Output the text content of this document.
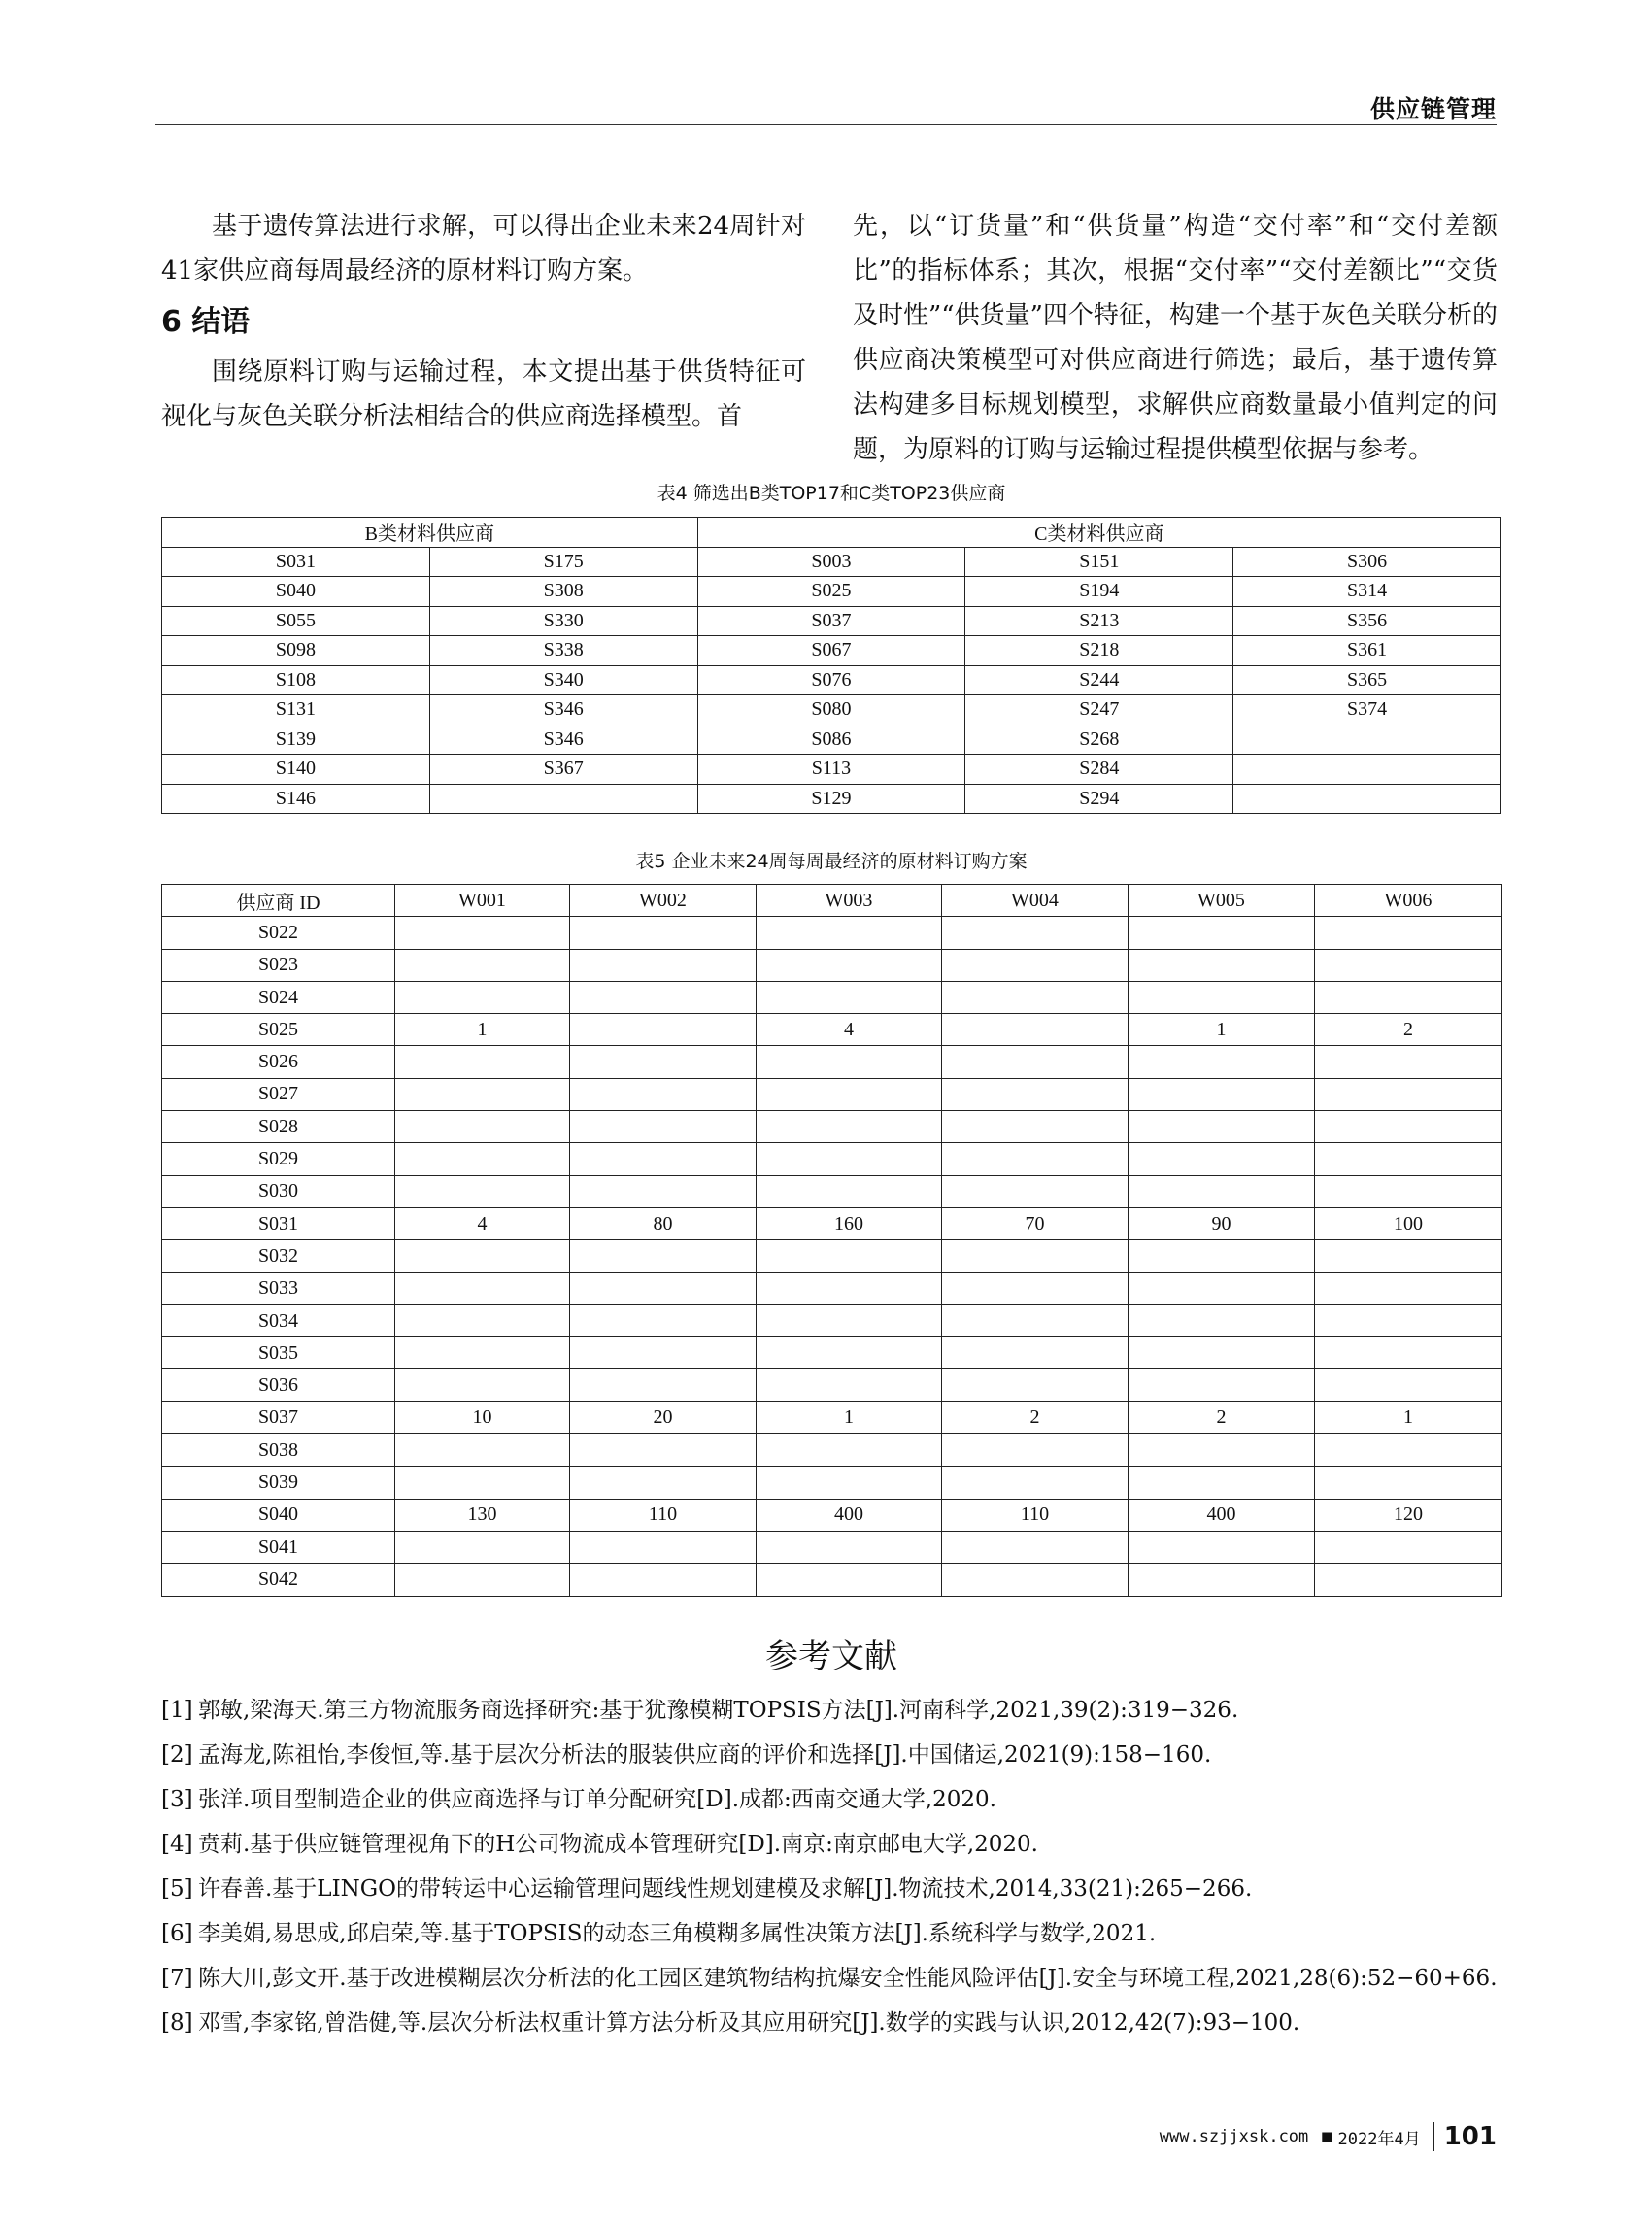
供应链管理

基于遗传算法进行求解，可以得出企业未来24周针对41家供应商每周最经济的原材料订购方案。

6 结语

围绕原料订购与运输过程，本文提出基于供货特征可视化与灰色关联分析法相结合的供应商选择模型。首

先，以“订货量”和“供货量”构造“交付率”和“交付差额比”的指标体系；其次，根据“交付率”“交付差额比”“交货及时性”“供货量”四个特征，构建一个基于灰色关联分析的供应商决策模型可对供应商进行筛选；最后，基于遗传算法构建多目标规划模型，求解供应商数量最小值判定的问题，为原料的订购与运输过程提供模型依据与参考。

表4 筛选出B类TOP17和C类TOP23供应商
B类材料供应商		C类材料供应商		
S031	S175	S003	S151	S306
S040	S308	S025	S194	S314
S055	S330	S037	S213	S356
S098	S338	S067	S218	S361
S108	S340	S076	S244	S365
S131	S346	S080	S247	S374
S139	S346	S086	S268	
S140	S367	S113	S284	
S146		S129	S294	
表5 企业未来24周每周最经济的原材料订购方案
供应商 ID	W001	W002	W003	W004	W005	W006
S022						
S023						
S024						
S025	1		4		1	2
S026						
S027						
S028						
S029						
S030						
S031	4	80	160	70	90	100
S032						
S033						
S034						
S035						
S036						
S037	10	20	1	2	2	1
S038						
S039						
S040	130	110	400	110	400	120
S041						
S042						
参考文献
[1] 郭敏,梁海天.第三方物流服务商选择研究:基于犹豫模糊TOPSIS方法[J].河南科学,2021,39(2):319−326.
[2] 孟海龙,陈祖怡,李俊恒,等.基于层次分析法的服装供应商的评价和选择[J].中国储运,2021(9):158−160.
[3] 张洋.项目型制造企业的供应商选择与订单分配研究[D].成都:西南交通大学,2020.
[4] 贲莉.基于供应链管理视角下的H公司物流成本管理研究[D].南京:南京邮电大学,2020.
[5] 许春善.基于LINGO的带转运中心运输管理问题线性规划建模及求解[J].物流技术,2014,33(21):265−266.
[6] 李美娟,易思成,邱启荣,等.基于TOPSIS的动态三角模糊多属性决策方法[J].系统科学与数学,2021.
[7] 陈大川,彭文开.基于改进模糊层次分析法的化工园区建筑物结构抗爆安全性能风险评估[J].安全与环境工程,2021,28(6):52−60+66.
[8] 邓雪,李家铭,曾浩健,等.层次分析法权重计算方法分析及其应用研究[J].数学的实践与认识,2012,42(7):93−100.
www.szjjxsk.com ■ 2022年4月 101
